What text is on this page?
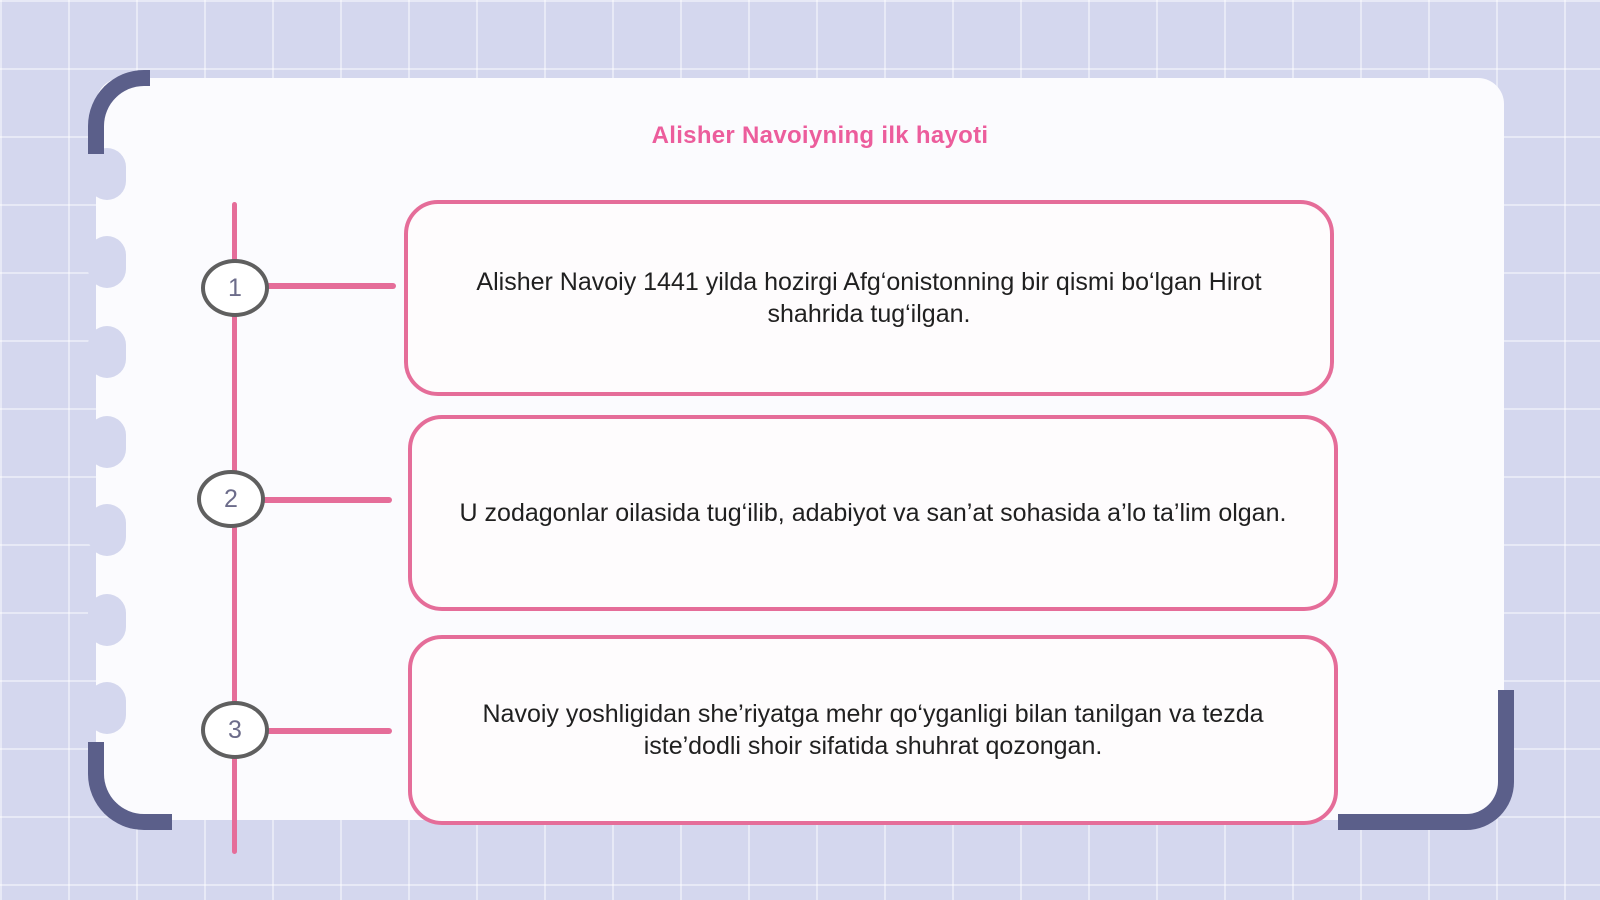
Alisher Navoiyning ilk hayoti
1
2
3
Alisher Navoiy 1441 yilda hozirgi Afg‘onistonning bir qismi bo‘lgan Hirot shahrida tug‘ilgan.
U zodagonlar oilasida tug‘ilib, adabiyot va san’at sohasida a’lo ta’lim olgan.
Navoiy yoshligidan she’riyatga mehr qo‘yganligi bilan tanilgan va tezda iste’dodli shoir sifatida shuhrat qozongan.
